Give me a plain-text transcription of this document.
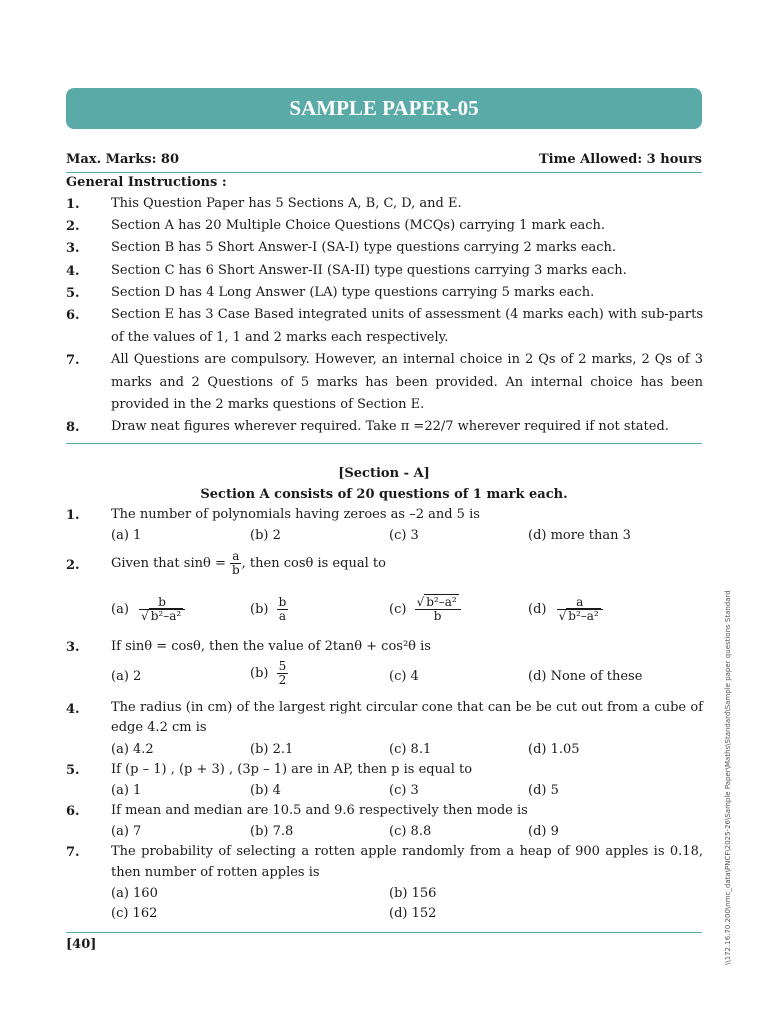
SAMPLE PAPER-05
Max. Marks: 80	Time Allowed: 3 hours
General Instructions :
1. This Question Paper has 5 Sections A, B, C, D, and E.
2. Section A has 20 Multiple Choice Questions (MCQs) carrying 1 mark each.
3. Section B has 5 Short Answer-I (SA-I) type questions carrying 2 marks each.
4. Section C has 6 Short Answer-II (SA-II) type questions carrying 3 marks each.
5. Section D has 4 Long Answer (LA) type questions carrying 5 marks each.
6. Section E has 3 Case Based integrated units of assessment (4 marks each) with sub-parts of the values of 1, 1 and 2 marks each respectively.
7. All Questions are compulsory. However, an internal choice in 2 Qs of 2 marks, 2 Qs of 3 marks and 2 Questions of 5 marks has been provided. An internal choice has been provided in the 2 marks questions of Section E.
8. Draw neat figures wherever required. Take π =22/7 wherever required if not stated.
[Section - A]
Section A consists of 20 questions of 1 mark each.
1. The number of polynomials having zeroes as –2 and 5 is
(a) 1	(b) 2	(c) 3	(d) more than 3
2. Given that $\sin\theta = \frac{a}{b}$ , then cosθ is equal to
$(a) \frac{b}{\text{√ b²–a²}}$	$(b) \frac{b}{a}$	$(c) \frac{\text{√ b²–a²}}{b}$	$(d) \frac{a}{\text{√ b²–a²}}$
3. If sinθ = cosθ, then the value of 2tanθ + cos²θ is
(a) 2	$(b) \frac{5}{2}$	(c) 4	(d) None of these
4. The radius (in cm) of the largest right circular cone that can be be cut out from a cube of edge 4.2 cm is
(a) 4.2	(b) 2.1	(c) 8.1	(d) 1.05
5. If (p – 1) , (p + 3) , (3p – 1) are in AP, then p is equal to
(a) 1	(b) 4	(c) 3	(d) 5
6. If mean and median are 10.5 and 9.6 respectively then mode is
(a) 7	(b) 7.8	(c) 8.8	(d) 9
7. The probability of selecting a rotten apple randomly from a heap of 900 apples is 0.18, then number of rotten apples is
(a) 160	(b) 156
(c) 162	(d) 152
[40]	\\172.16.70.200\nmc_data\PNCF\2025-26\Sample Paper\Maths\Standard\Sample paper questions Standard
